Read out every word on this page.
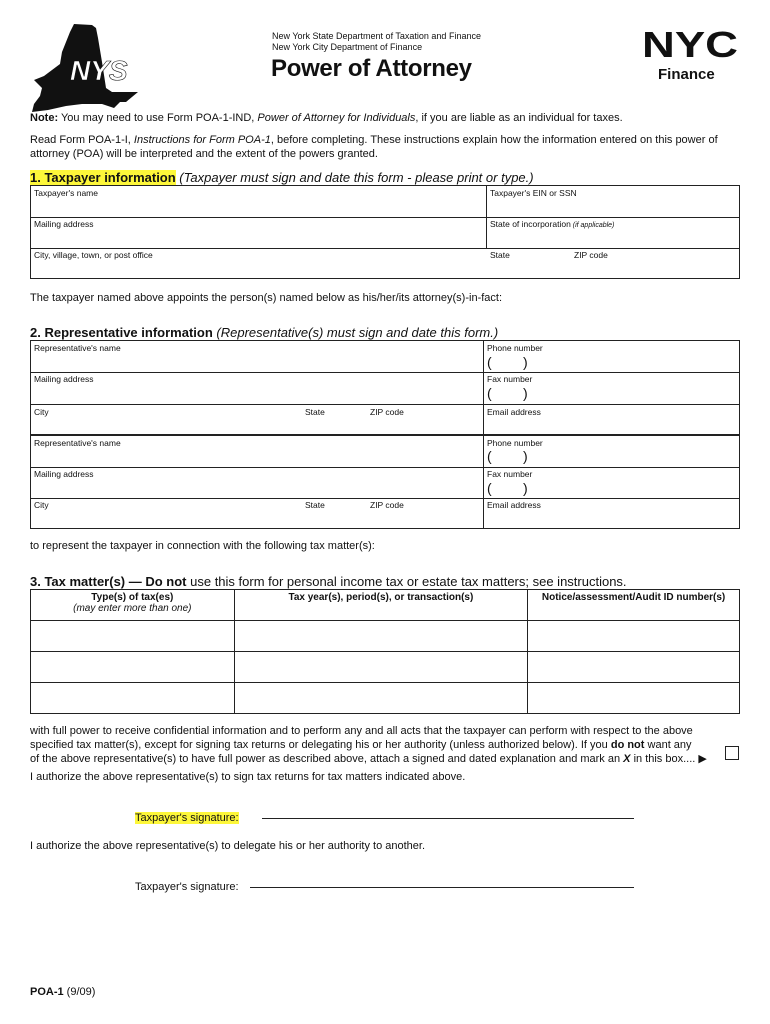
NYS
New York State Department of Taxation and Finance
New York City Department of Finance
Power of Attorney
NYC
Finance
Note: You may need to use Form POA-1-IND, Power of Attorney for Individuals, if you are liable as an individual for taxes.
Read Form POA-1-I, Instructions for Form POA-1, before completing. These instructions explain how the information entered on this power of attorney (POA) will be interpreted and the extent of the powers granted.
1. Taxpayer information (Taxpayer must sign and date this form - please print or type.)
Taxpayer's name	Taxpayer's EIN or SSN
Mailing address	State of incorporation (if applicable)
City, village, town, or post office	State	ZIP code
The taxpayer named above appoints the person(s) named below as his/her/its attorney(s)-in-fact:
2. Representative information (Representative(s) must sign and date this form.)
Representative's name	Phone number
( )
Mailing address	Fax number
( )
City	State	ZIP code	Email address
Representative's name	Phone number
( )
Mailing address	Fax number
( )
City	State	ZIP code	Email address
to represent the taxpayer in connection with the following tax matter(s):
3. Tax matter(s) — Do not use this form for personal income tax or estate tax matters; see instructions.
Type(s) of tax(es)
(may enter more than one)	Tax year(s), period(s), or transaction(s)	Notice/assessment/Audit ID number(s)

with full power to receive confidential information and to perform any and all acts that the taxpayer can perform with respect to the above
specified tax matter(s), except for signing tax returns or delegating his or her authority (unless authorized below). If you do not want any
of the above representative(s) to have full power as described above, attach a signed and dated explanation and mark an X in this box.... ▶
I authorize the above representative(s) to sign tax returns for tax matters indicated above.
Taxpayer's signature:
I authorize the above representative(s) to delegate his or her authority to another.
Taxpayer's signature:
POA-1 (9/09)
